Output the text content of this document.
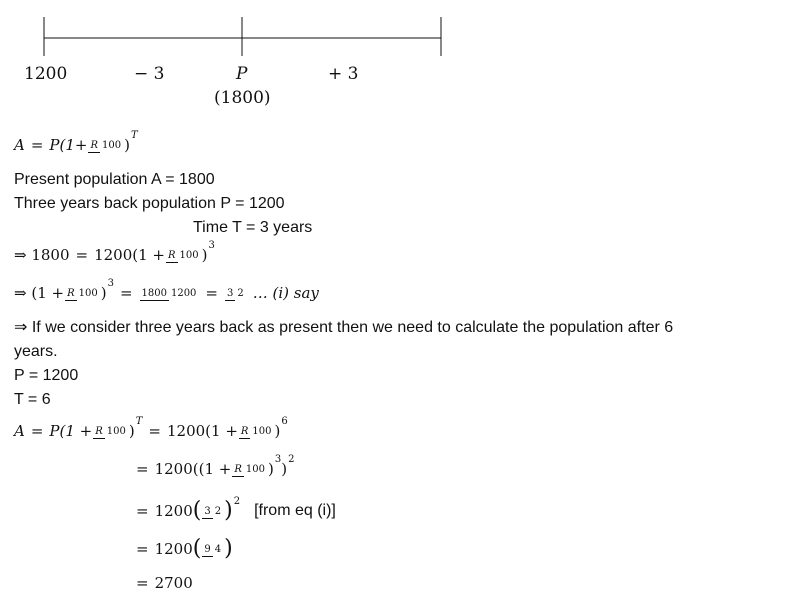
1200	− 3	P
(1800)
+ 3
A = P(1+ R 100 )
$^T$
Present population A = 1800
Three years back population P = 1200
Time T = 3 years
⇒ 1800 = 1200(1 + R 100 )
$^3$
⇒ (1 + R 100 )
$^3$
= 1800 1200 = 3 2 … (i) say
⇒ If we consider three years back as present then we need to calculate the population after 6
years.
P = 1200
T = 6
A = P(1 + R 100 )
$^T$
= 1200(1 + R 100 )
$^6$
= 1200((1 + R 100 )
$^3$
)
$^2$
= 1200 ( 3 2 )$^2$
[from eq (i)]
= 1200 ( 9 4 )
= 2700
